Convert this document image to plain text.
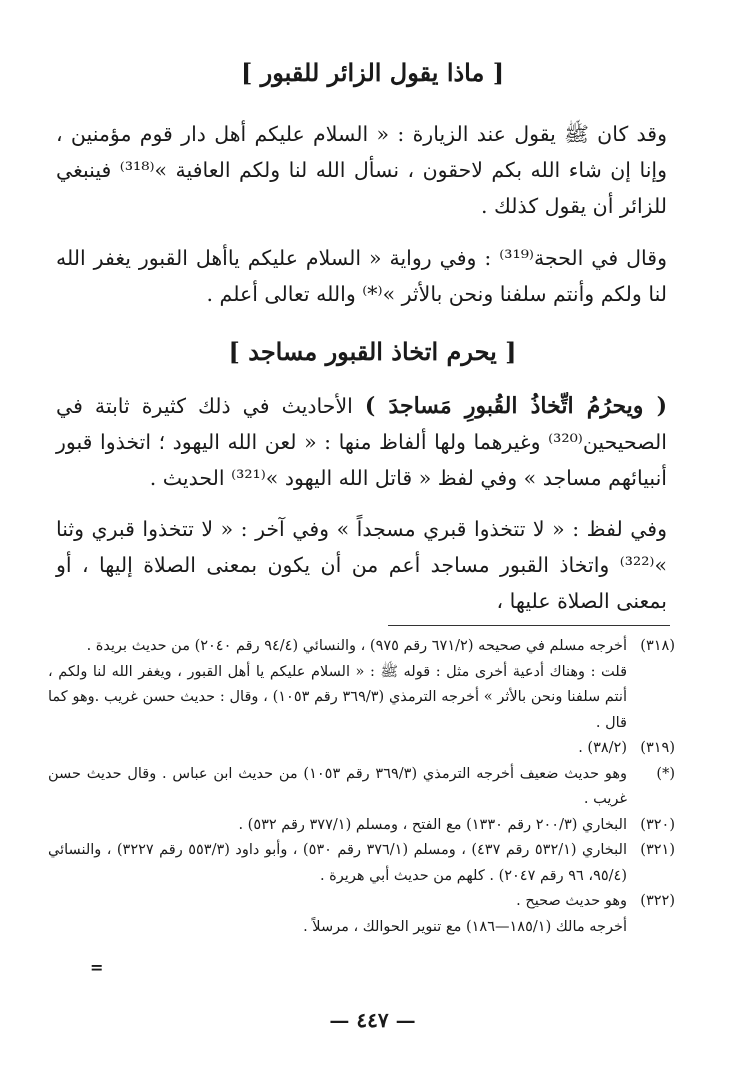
[ ماذا يقول الزائر للقبور ]
وقد كان ﷺ يقول عند الزيارة : « السلام عليكم أهل دار قوم مؤمنين ، وإنا إن شاء الله بكم لاحقون ، نسأل الله لنا ولكم العافية »⁽³¹⁸⁾ فينبغي للزائر أن يقول كذلك .
وقال في الحجة⁽³¹⁹⁾ : وفي رواية « السلام عليكم ياأهل القبور يغفر الله لنا ولكم وأنتم سلفنا ونحن بالأثر »⁽*⁾ والله تعالى أعلم .
[ يحرم اتخاذ القبور مساجد ]
( ويحرُمُ اتِّخاذُ القُبورِ مَساجدَ ) الأحاديث في ذلك كثيرة ثابتة في الصحيحين⁽³²⁰⁾ وغيرهما ولها ألفاظ منها : « لعن الله اليهود ؛ اتخذوا قبور أنبيائهم مساجد » وفي لفظ « قاتل الله اليهود »⁽³²¹⁾ الحديث .
وفي لفظ : « لا تتخذوا قبري مسجداً » وفي آخر : « لا تتخذوا قبري وثنا »⁽³²²⁾ واتخاذ القبور مساجد أعم من أن يكون بمعنى الصلاة إليها ، أو بمعنى الصلاة عليها ،
(٣١٨)
أخرجه مسلم في صحيحه (٦٧١/٢ رقم ٩٧٥) ، والنسائي (٩٤/٤ رقم ٢٠٤٠) من حديث بريدة .
قلت : وهناك أدعية أخرى مثل : قوله ﷺ : « السلام عليكم يا أهل القبور ، ويغفر الله لنا ولكم ، أنتم سلفنا ونحن بالأثر » أخرجه الترمذي (٣٦٩/٣ رقم ١٠٥٣) ، وقال : حديث حسن غريب .وهو كما قال .
(٣١٩)
(٣٨/٢) .
(*)
وهو حديث ضعيف أخرجه الترمذي (٣٦٩/٣ رقم ١٠٥٣) من حديث ابن عباس . وقال حديث حسن غريب .
(٣٢٠)
البخاري (٢٠٠/٣ رقم ١٣٣٠) مع الفتح ، ومسلم (٣٧٧/١ رقم ٥٣٢) .
(٣٢١)
البخاري (٥٣٢/١ رقم ٤٣٧) ، ومسلم (٣٧٦/١ رقم ٥٣٠) ، وأبو داود (٥٥٣/٣ رقم ٣٢٢٧) ، والنسائي (٩٥/٤، ٩٦ رقم ٢٠٤٧) . كلهم من حديث أبي هريرة .
(٣٢٢)
وهو حديث صحيح .
أخرجه مالك (١٨٥/١—١٨٦) مع تنوير الحوالك ، مرسلاً .
=
— ٤٤٧ —
